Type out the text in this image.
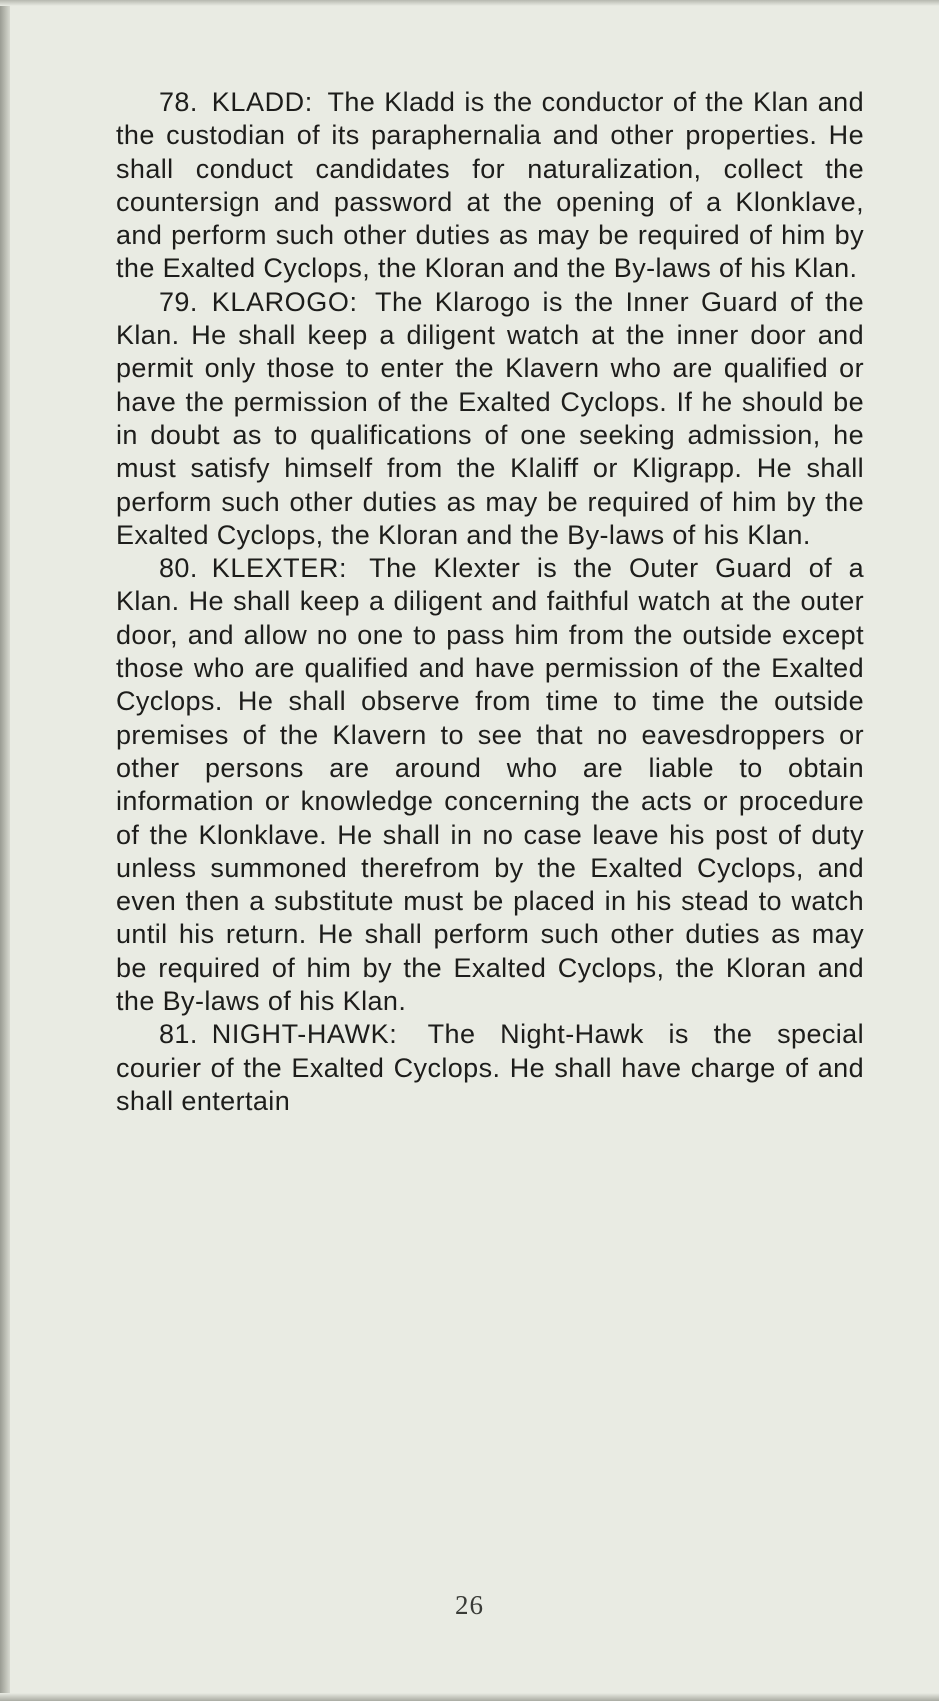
78. KLADD: The Kladd is the conductor of the Klan and the custodian of its paraphernalia and other properties. He shall conduct candidates for naturalization, collect the countersign and password at the opening of a Klonklave, and perform such other duties as may be required of him by the Exalted Cyclops, the Kloran and the By-laws of his Klan.

79. KLAROGO: The Klarogo is the Inner Guard of the Klan. He shall keep a diligent watch at the inner door and permit only those to enter the Klavern who are qualified or have the permission of the Exalted Cyclops. If he should be in doubt as to qualifications of one seeking admission, he must satisfy himself from the Klaliff or Kligrapp. He shall perform such other duties as may be required of him by the Exalted Cyclops, the Kloran and the By-laws of his Klan.

80. KLEXTER: The Klexter is the Outer Guard of a Klan. He shall keep a diligent and faithful watch at the outer door, and allow no one to pass him from the outside except those who are qualified and have permission of the Exalted Cyclops. He shall observe from time to time the outside premises of the Klavern to see that no eavesdroppers or other persons are around who are liable to obtain information or knowledge concerning the acts or procedure of the Klonklave. He shall in no case leave his post of duty unless summoned therefrom by the Exalted Cyclops, and even then a substitute must be placed in his stead to watch until his return. He shall perform such other duties as may be required of him by the Exalted Cyclops, the Kloran and the By-laws of his Klan.

81. NIGHT-HAWK: The Night-Hawk is the special courier of the Exalted Cyclops. He shall have charge of and shall entertain

26
